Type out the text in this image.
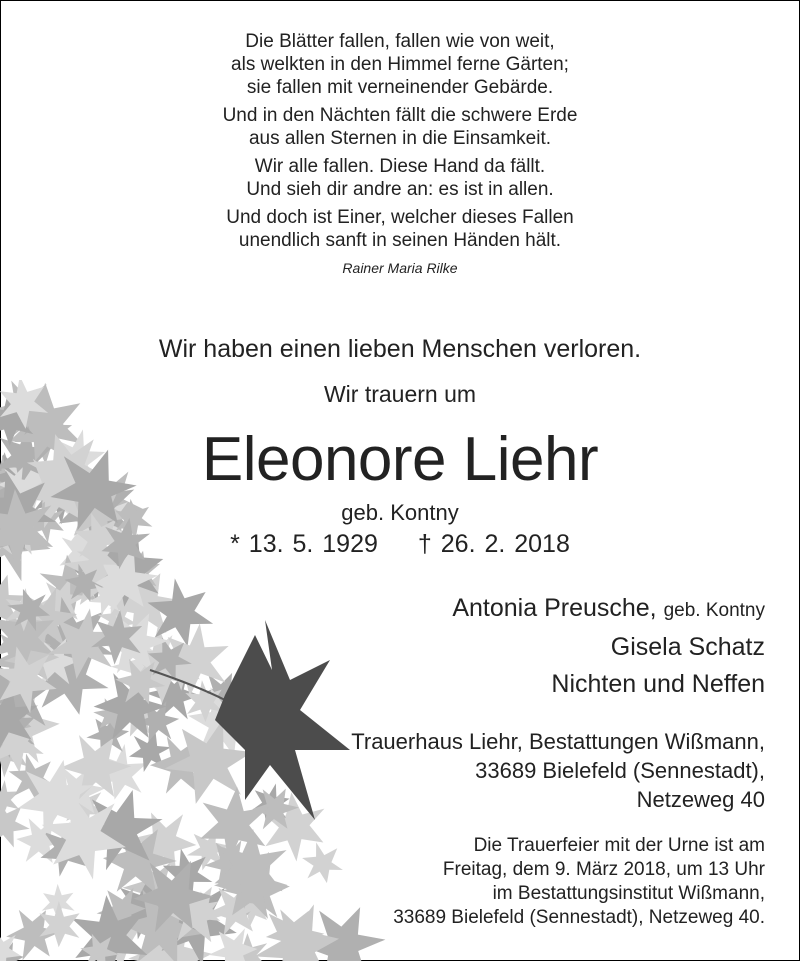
Die Blätter fallen, fallen wie von weit,
als welkten in den Himmel ferne Gärten;
sie fallen mit verneinender Gebärde.
Und in den Nächten fällt die schwere Erde
aus allen Sternen in die Einsamkeit.
Wir alle fallen. Diese Hand da fällt.
Und sieh dir andre an: es ist in allen.
Und doch ist Einer, welcher dieses Fallen
unendlich sanft in seinen Händen hält.
Rainer Maria Rilke
Wir haben einen lieben Menschen verloren.
Wir trauern um
Eleonore Liehr
geb. Kontny
* 13. 5. 1929 † 26. 2. 2018
Antonia Preusche, geb. Kontny
Gisela Schatz
Nichten und Neffen
Trauerhaus Liehr, Bestattungen Wißmann,
33689 Bielefeld (Sennestadt),
Netzeweg 40
Die Trauerfeier mit der Urne ist am
Freitag, dem 9. März 2018, um 13 Uhr
im Bestattungsinstitut Wißmann,
33689 Bielefeld (Sennestadt), Netzeweg 40.
